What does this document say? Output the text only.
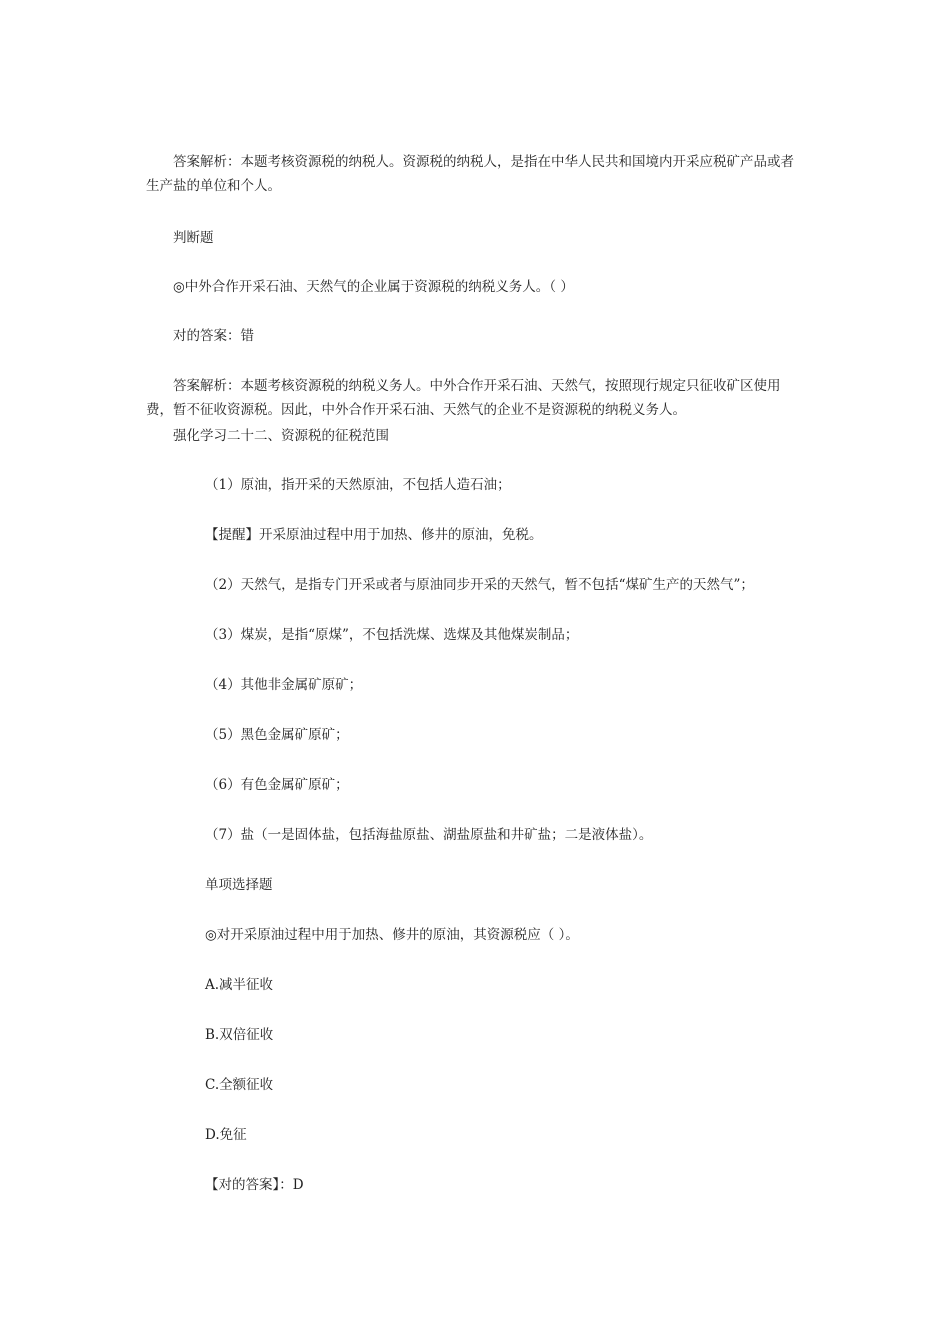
答案解析：本题考核资源税的纳税人。资源税的纳税人，是指在中华人民共和国境内开采应税矿产品或者生产盐的单位和个人。
判断题
◎中外合作开采石油、天然气的企业属于资源税的纳税义务人。（ ）
对的答案：错
答案解析：本题考核资源税的纳税义务人。中外合作开采石油、天然气，按照现行规定只征收矿区使用费，暂不征收资源税。因此，中外合作开采石油、天然气的企业不是资源税的纳税义务人。
强化学习二十二、资源税的征税范围
（1）原油，指开采的天然原油，不包括人造石油；
【提醒】开采原油过程中用于加热、修井的原油，免税。
（2）天然气，是指专门开采或者与原油同步开采的天然气，暂不包括“煤矿生产的天然气”；
（3）煤炭，是指“原煤”，不包括洗煤、选煤及其他煤炭制品；
（4）其他非金属矿原矿；
（5）黑色金属矿原矿；
（6）有色金属矿原矿；
（7）盐（一是固体盐，包括海盐原盐、湖盐原盐和井矿盐；二是液体盐）。
单项选择题
◎对开采原油过程中用于加热、修井的原油，其资源税应（ ）。
A.减半征收
B.双倍征收
C.全额征收
D.免征
【对的答案】：D
